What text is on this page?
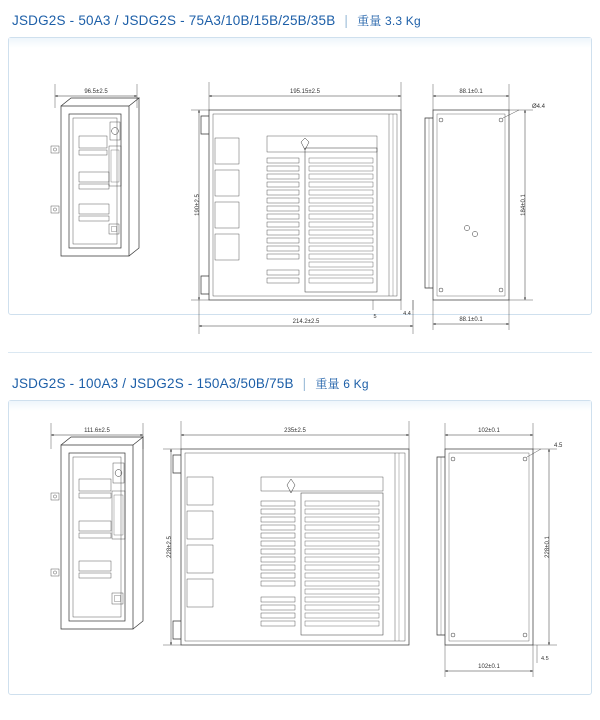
JSDG2S - 50A3 / JSDG2S - 75A3/10B/15B/25B/35B | 重量 3.3 Kg
96.5±2.5	195.15±2.5
190±2.5
214.2±2.5
5	4.4
88.1±0.1
Ø4.4
184±0.1
88.1±0.1
JSDG2S - 100A3 / JSDG2S - 150A3/50B/75B | 重量 6 Kg
111.6±2.5	235±2.5
228±2.5
102±0.1
4.5
228±0.1
102±0.1
4.5
